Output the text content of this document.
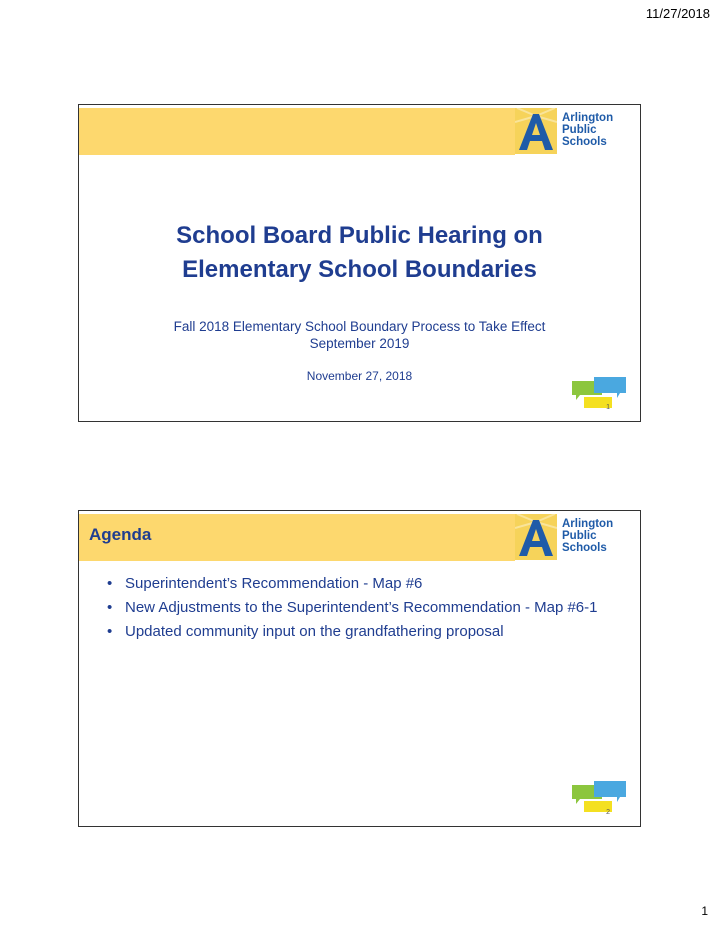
11/27/2018
Arlington
Public
Schools
School Board Public Hearing on
Elementary School Boundaries
Fall 2018 Elementary School Boundary Process to Take Effect
September 2019
November 27, 2018
1
Agenda
Arlington
Public
Schools
• Superintendent’s Recommendation - Map #6
• New Adjustments to the Superintendent’s Recommendation - Map #6-1
• Updated community input on the grandfathering proposal
2
1
